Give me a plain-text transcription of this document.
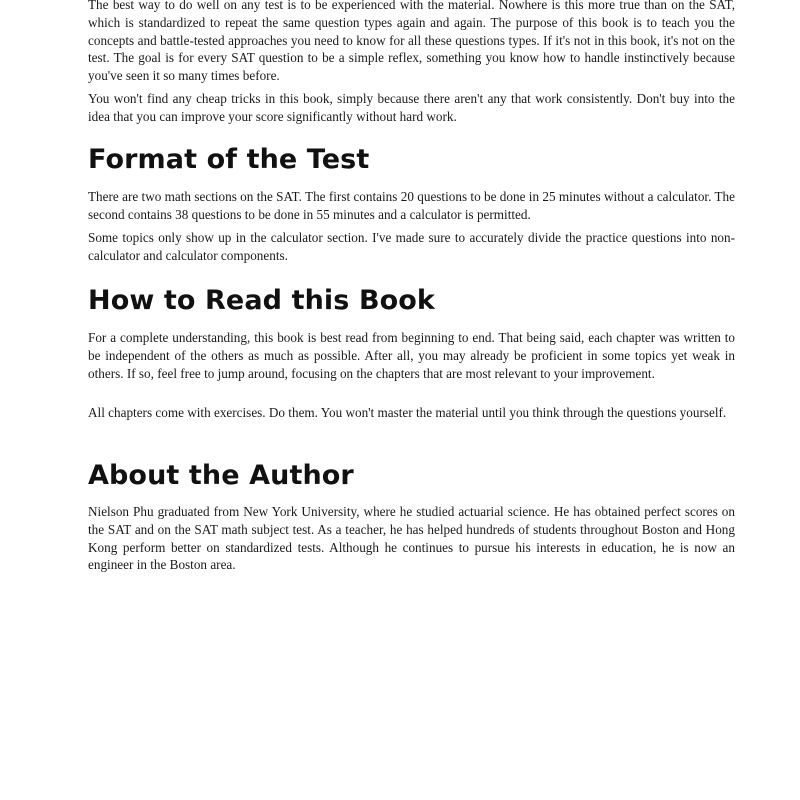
The best way to do well on any test is to be experienced with the material. Nowhere is this more true than on the SAT, which is standardized to repeat the same question types again and again. The purpose of this book is to teach you the concepts and battle-tested approaches you need to know for all these questions types. If it's not in this book, it's not on the test. The goal is for every SAT question to be a simple reflex, something you know how to handle instinctively because you've seen it so many times before.

You won't find any cheap tricks in this book, simply because there aren't any that work consistently. Don't buy into the idea that you can improve your score significantly without hard work.

Format of the Test

There are two math sections on the SAT. The first contains 20 questions to be done in 25 minutes without a calculator. The second contains 38 questions to be done in 55 minutes and a calculator is permitted.

Some topics only show up in the calculator section. I've made sure to accurately divide the practice questions into non-calculator and calculator components.

How to Read this Book

For a complete understanding, this book is best read from beginning to end. That being said, each chapter was written to be independent of the others as much as possible. After all, you may already be proficient in some topics yet weak in others. If so, feel free to jump around, focusing on the chapters that are most relevant to your improvement.

All chapters come with exercises. Do them. You won't master the material until you think through the questions yourself.

About the Author

Nielson Phu graduated from New York University, where he studied actuarial science. He has obtained perfect scores on the SAT and on the SAT math subject test. As a teacher, he has helped hundreds of students throughout Boston and Hong Kong perform better on standardized tests. Although he continues to pursue his interests in education, he is now an engineer in the Boston area.
